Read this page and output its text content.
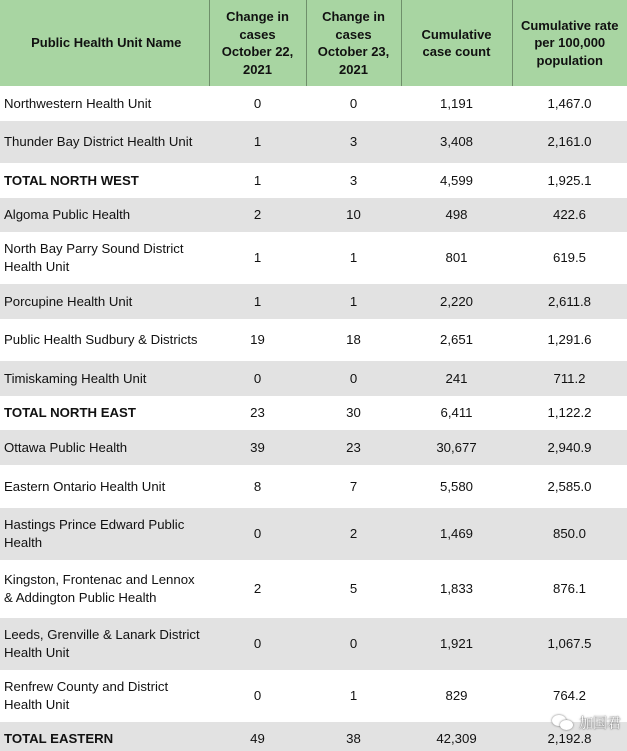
Public Health Unit Name	Change in cases October 22, 2021	Change in cases October 23, 2021	Cumulative case count	Cumulative rate per 100,000 population
Northwestern Health Unit	0	0	1,191	1,467.0
Thunder Bay District Health Unit	1	3	3,408	2,161.0
TOTAL NORTH WEST	1	3	4,599	1,925.1
Algoma Public Health	2	10	498	422.6
North Bay Parry Sound District Health Unit	1	1	801	619.5
Porcupine Health Unit	1	1	2,220	2,611.8
Public Health Sudbury & Districts	19	18	2,651	1,291.6
Timiskaming Health Unit	0	0	241	711.2
TOTAL NORTH EAST	23	30	6,411	1,122.2
Ottawa Public Health	39	23	30,677	2,940.9
Eastern Ontario Health Unit	8	7	5,580	2,585.0
Hastings Prince Edward Public Health	0	2	1,469	850.0
Kingston, Frontenac and Lennox & Addington Public Health	2	5	1,833	876.1
Leeds, Grenville & Lanark District Health Unit	0	0	1,921	1,067.5
Renfrew County and District Health Unit	0	1	829	764.2
TOTAL EASTERN	49	38	42,309	2,192.8
加国君
